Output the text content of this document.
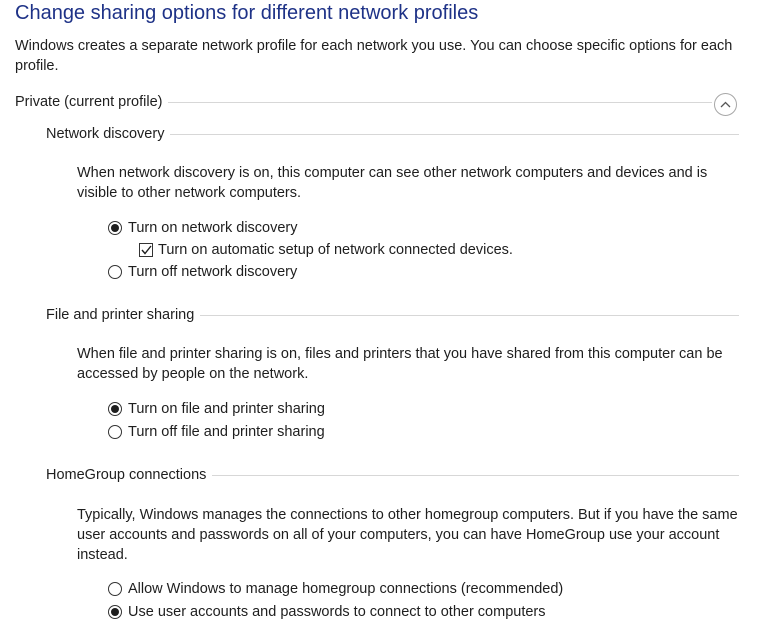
Change sharing options for different network profiles
Windows creates a separate network profile for each network you use. You can choose specific options for each profile.
Private (current profile)
Network discovery
When network discovery is on, this computer can see other network computers and devices and is visible to other network computers.
Turn on network discovery
Turn on automatic setup of network connected devices.
Turn off network discovery
File and printer sharing
When file and printer sharing is on, files and printers that you have shared from this computer can be accessed by people on the network.
Turn on file and printer sharing
Turn off file and printer sharing
HomeGroup connections
Typically, Windows manages the connections to other homegroup computers. But if you have the same user accounts and passwords on all of your computers, you can have HomeGroup use your account instead.
Allow Windows to manage homegroup connections (recommended)
Use user accounts and passwords to connect to other computers
